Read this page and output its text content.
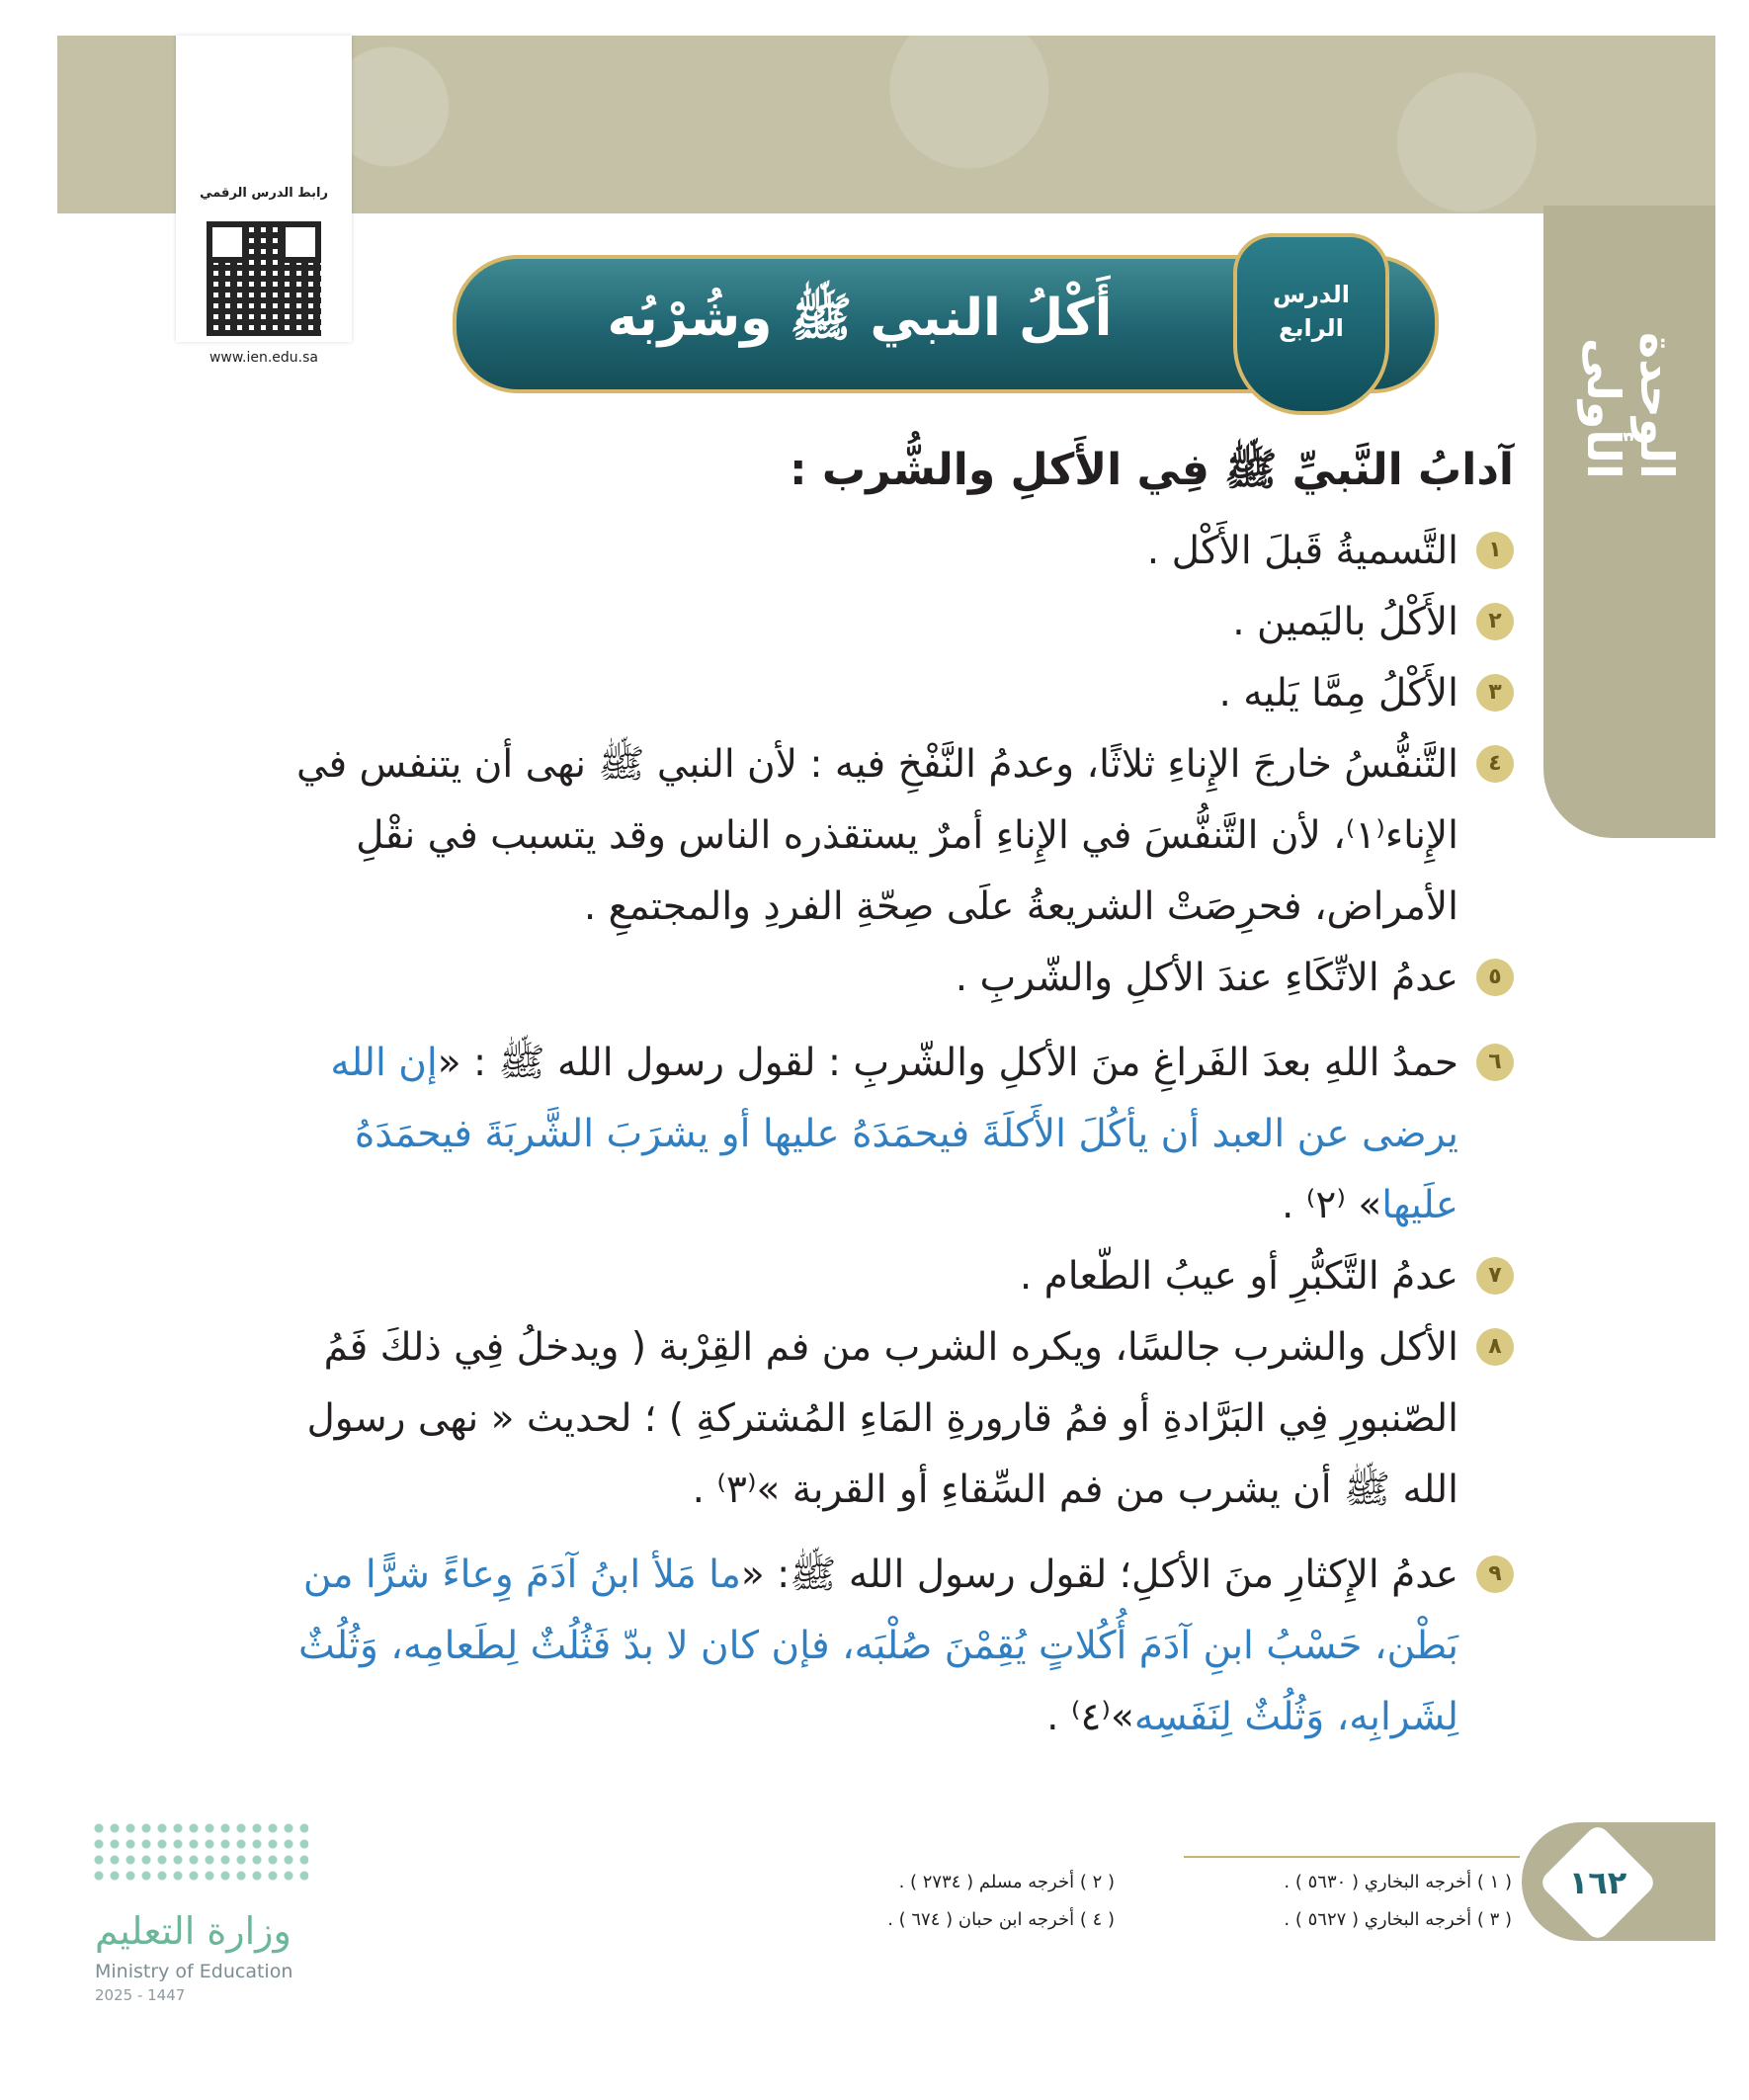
الوحدة الأولى
رابط الدرس الرقمي
www.ien.edu.sa
أَكْلُ النبي ﷺ وشُرْبُه	الدرس
الرابع
آدابُ النَّبيِّ ﷺ فِي الأَكلِ والشُّرب :
١
التَّسميةُ قَبلَ الأَكْل .
٢
الأَكْلُ باليَمين .
٣
الأَكْلُ مِمَّا يَليه .
٤
التَّنفُّسُ خارجَ الإِناءِ ثلاثًا، وعدمُ النَّفْخِ فيه : لأن النبي ﷺ نهى أن يتنفس في الإِناء⁽١⁾، لأن التَّنفُّسَ في الإِناءِ أمرٌ يستقذره الناس وقد يتسبب في نقْلِ الأمراض، فحرِصَتْ الشريعةُ علَى صِحّةِ الفردِ والمجتمعِ .
٥
عدمُ الاتِّكَاءِ عندَ الأكلِ والشّربِ .
٦
حمدُ اللهِ بعدَ الفَراغِ منَ الأكلِ والشّربِ : لقول رسول الله ﷺ : «إن الله يرضى عن العبد أن يأكُلَ الأَكلَةَ فيحمَدَهُ عليها أو يشرَبَ الشَّربَةَ فيحمَدَهُ علَيها» ⁽٢⁾ .
٧
عدمُ التَّكبُّرِ أو عيبُ الطّعام .
٨
الأكل والشرب جالسًا، ويكره الشرب من فم القِرْبة ( ويدخلُ فِي ذلكَ فَمُ الصّنبورِ فِي البَرَّادةِ أو فمُ قارورةِ المَاءِ المُشتركةِ ) ؛ لحديث « نهى رسول الله ﷺ أن يشرب من فم السِّقاءِ أو القربة »⁽٣⁾ .
٩
عدمُ الإِكثارِ منَ الأكلِ؛ لقول رسول الله ﷺ: «ما مَلأ ابنُ آدَمَ وِعاءً شرًّا من بَطْن، حَسْبُ ابنِ آدَمَ أُكُلاتٍ يُقِمْنَ صُلْبَه، فإن كان لا بدّ فَثُلُثٌ لِطَعامِه، وَثُلُثٌ لِشَرابِه، وَثُلُثٌ لِنَفَسِه»⁽٤⁾ .
١٦٢
( ١ ) أخرجه البخاري ( ٥٦٣٠ ) .
( ٢ ) أخرجه مسلم ( ٢٧٣٤ ) .
( ٣ ) أخرجه البخاري ( ٥٦٢٧ ) .
( ٤ ) أخرجه ابن حبان ( ٦٧٤ ) .
وزارة التعليم
Ministry of Education
2025 - 1447
